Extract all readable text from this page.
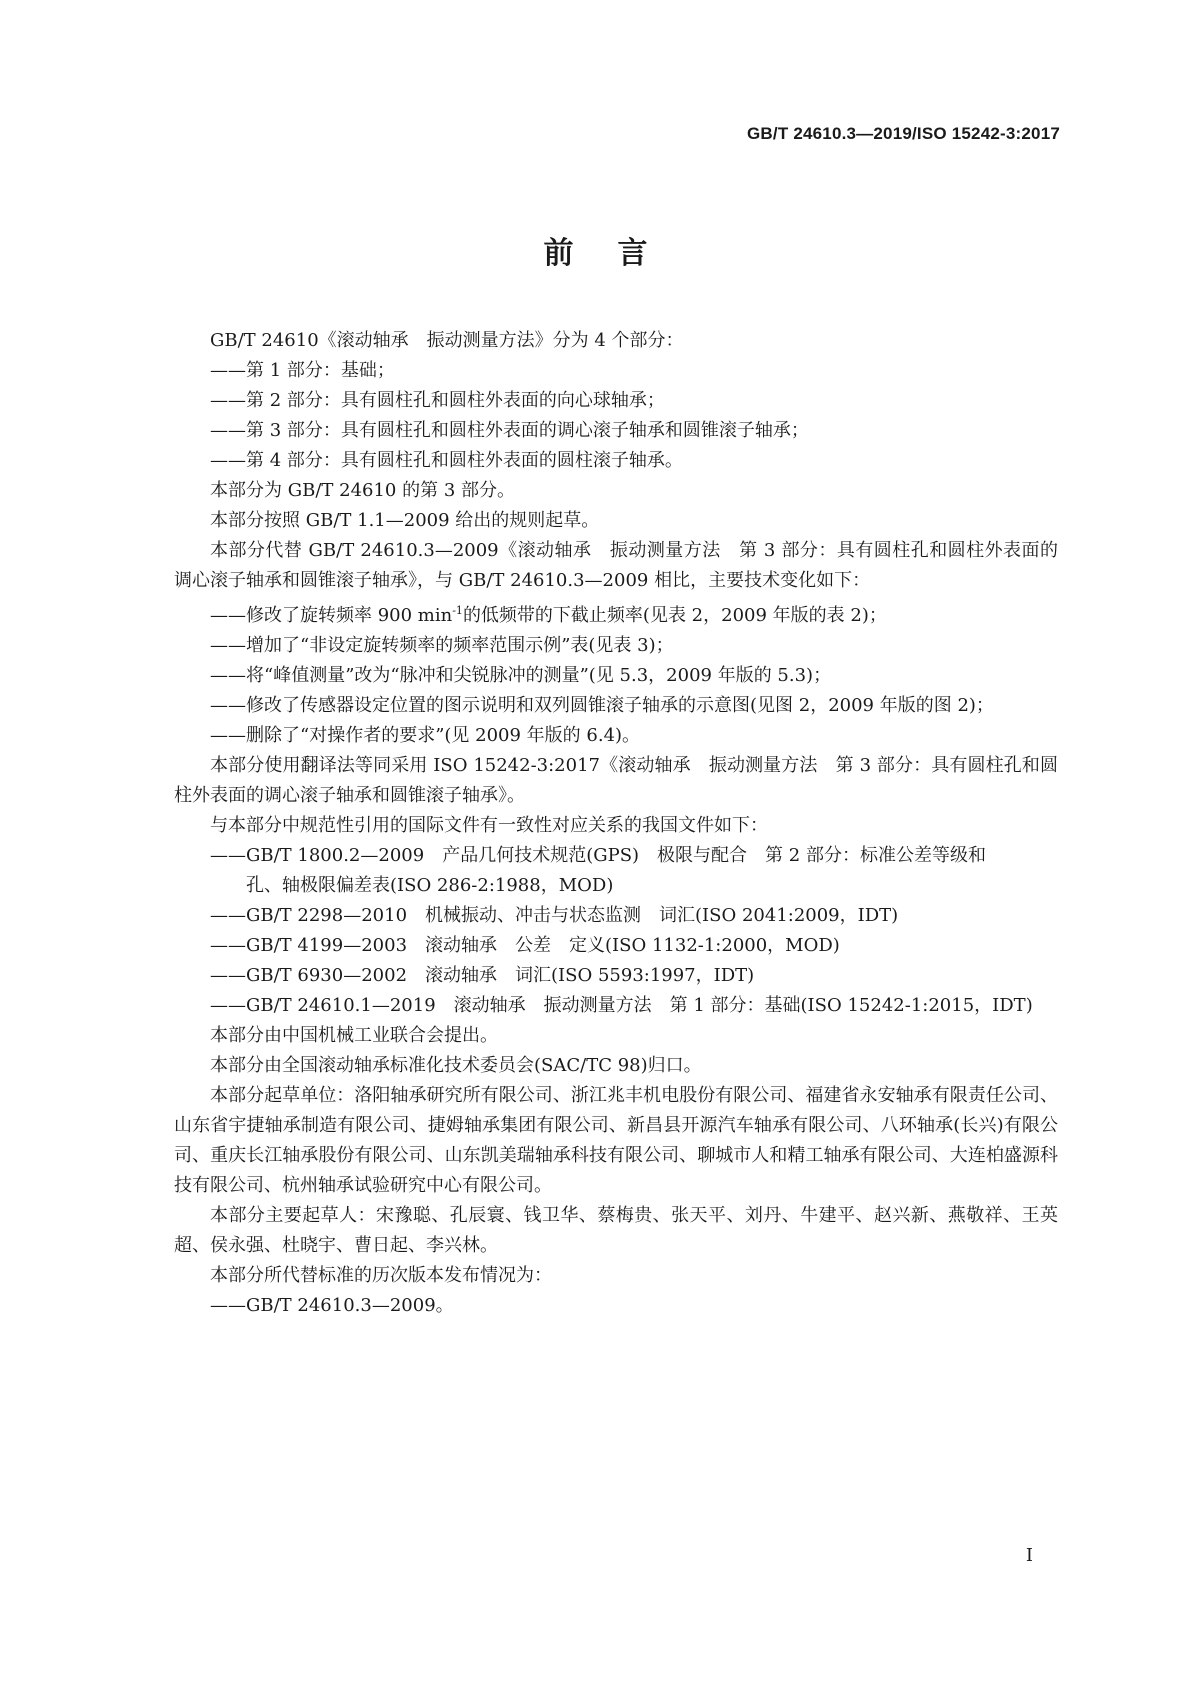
GB/T 24610.3—2019/ISO 15242-3:2017
前言

GB/T 24610《滚动轴承　振动测量方法》分为 4 个部分：

——第 1 部分：基础；

——第 2 部分：具有圆柱孔和圆柱外表面的向心球轴承；

——第 3 部分：具有圆柱孔和圆柱外表面的调心滚子轴承和圆锥滚子轴承；

——第 4 部分：具有圆柱孔和圆柱外表面的圆柱滚子轴承。

本部分为 GB/T 24610 的第 3 部分。

本部分按照 GB/T 1.1—2009 给出的规则起草。

本部分代替 GB/T 24610.3—2009《滚动轴承　振动测量方法　第 3 部分：具有圆柱孔和圆柱外表面的调心滚子轴承和圆锥滚子轴承》，与 GB/T 24610.3—2009 相比，主要技术变化如下：

——修改了旋转频率 900 $\min^{-1}$的低频带的下截止频率(见表 2，2009 年版的表 2)；

——增加了“非设定旋转频率的频率范围示例”表(见表 3)；

——将“峰值测量”改为“脉冲和尖锐脉冲的测量”(见 5.3，2009 年版的 5.3)；

——修改了传感器设定位置的图示说明和双列圆锥滚子轴承的示意图(见图 2，2009 年版的图 2)；

——删除了“对操作者的要求”(见 2009 年版的 6.4)。

本部分使用翻译法等同采用 ISO 15242-3:2017《滚动轴承　振动测量方法　第 3 部分：具有圆柱孔和圆柱外表面的调心滚子轴承和圆锥滚子轴承》。

与本部分中规范性引用的国际文件有一致性对应关系的我国文件如下：

——GB/T 1800.2—2009　产品几何技术规范(GPS)　极限与配合　第 2 部分：标准公差等级和
孔、轴极限偏差表(ISO 286-2:1988，MOD)

——GB/T 2298—2010　机械振动、冲击与状态监测　词汇(ISO 2041:2009，IDT)

——GB/T 4199—2003　滚动轴承　公差　定义(ISO 1132-1:2000，MOD)

——GB/T 6930—2002　滚动轴承　词汇(ISO 5593:1997，IDT)

——GB/T 24610.1—2019　滚动轴承　振动测量方法　第 1 部分：基础(ISO 15242-1:2015，IDT)

本部分由中国机械工业联合会提出。

本部分由全国滚动轴承标准化技术委员会(SAC/TC 98)归口。

本部分起草单位：洛阳轴承研究所有限公司、浙江兆丰机电股份有限公司、福建省永安轴承有限责任公司、山东省宇捷轴承制造有限公司、捷姆轴承集团有限公司、新昌县开源汽车轴承有限公司、八环轴承(长兴)有限公司、重庆长江轴承股份有限公司、山东凯美瑞轴承科技有限公司、聊城市人和精工轴承有限公司、大连柏盛源科技有限公司、杭州轴承试验研究中心有限公司。

本部分主要起草人：宋豫聪、孔辰寰、钱卫华、蔡梅贵、张天平、刘丹、牛建平、赵兴新、燕敬祥、王英超、侯永强、杜晓宇、曹日起、李兴林。

本部分所代替标准的历次版本发布情况为：

——GB/T 24610.3—2009。

I
